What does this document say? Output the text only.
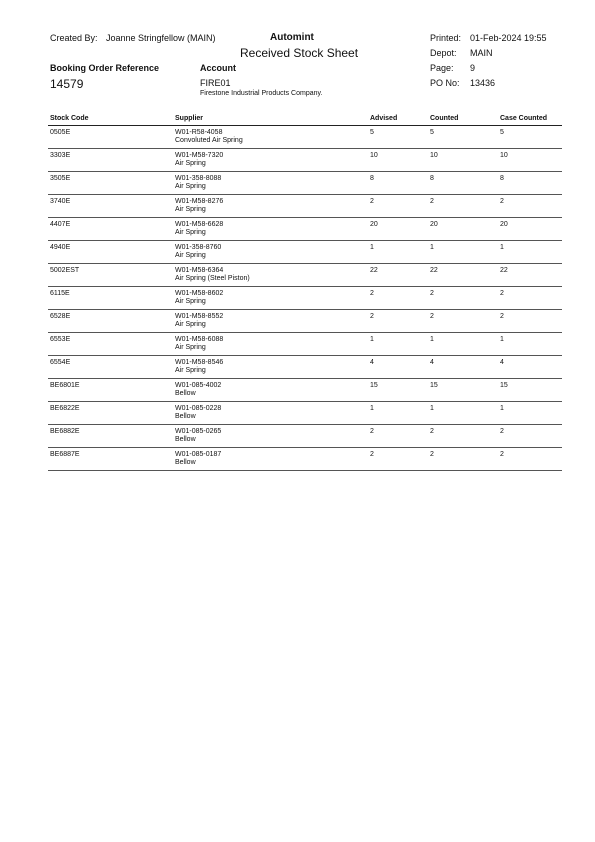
Created By: Joanne Stringfellow (MAIN)	Automint
Received Stock Sheet
Printed: 01-Feb-2024 19:55
Depot: MAIN
Page: 9
PO No: 13436
Booking Order Reference
14579
Account
FIRE01
Firestone Industrial Products Company.
Stock Code	Supplier	Advised	Counted	Case Counted
0505E	W01-R58-4058
Convoluted Air Spring
5	5	5
3303E	W01-M58-7320
Air Spring
10	10	10
3505E	W01-358-8088
Air Spring
8	8	8
3740E	W01-M58-8276
Air Spring
2	2	2
4407E	W01-M58-6628
Air Spring
20	20	20
4940E	W01-358-8760
Air Spring
1	1	1
5002EST	W01-M58-6364
Air Spring (Steel Piston)
22	22	22
6115E	W01-M58-8602
Air Spring
2	2	2
6528E	W01-M58-8552
Air Spring
2	2	2
6553E	W01-M58-6088
Air Spring
1	1	1
6554E	W01-M58-8546
Air Spring
4	4	4
BE6801E	W01-085-4002
Bellow
15	15	15
BE6822E	W01-085-0228
Bellow
1	1	1
BE6882E	W01-085-0265
Bellow
2	2	2
BE6887E	W01-085-0187
Bellow
2	2	2
